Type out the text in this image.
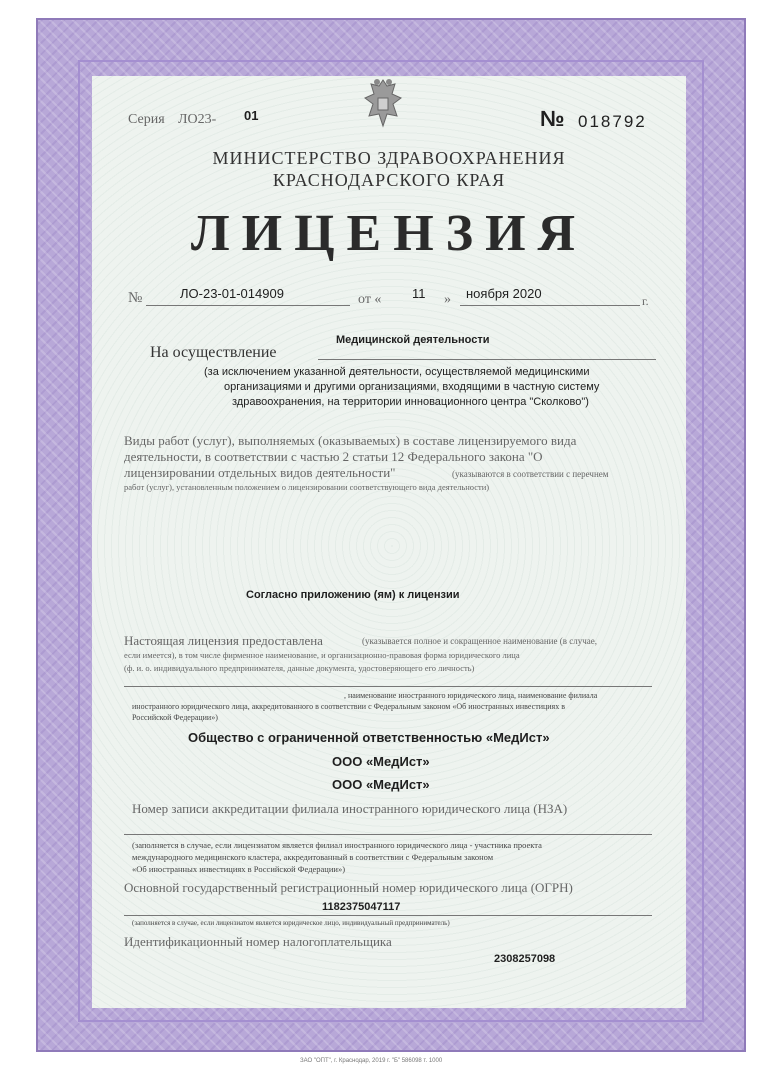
Серия ЛО23- 01	№ 018792
МИНИСТЕРСТВО ЗДРАВООХРАНЕНИЯ
КРАСНОДАРСКОГО КРАЯ
ЛИЦЕНЗИЯ
№	ЛО-23-01-014909	от « 11 » ноября 2020	г.
Медицинской деятельности
На осуществление
(за исключением указанной деятельности, осуществляемой медицинскими
организациями и другими организациями, входящими в частную систему
здравоохранения, на территории инновационного центра "Сколково")
Виды работ (услуг), выполняемых (оказываемых) в составе лицензируемого вида
деятельности, в соответствии с частью 2 статьи 12 Федерального закона "О
лицензировании отдельных видов деятельности"	(указываются в соответствии с перечнем
работ (услуг), установленным положением о лицензировании соответствующего вида деятельности)
Согласно приложению (ям) к лицензии
Настоящая лицензия предоставлена	(указывается полное и сокращенное наименование (в случае,
если имеется), в том числе фирменное наименование, и организационно-правовая форма юридического лица
(ф. и. о. индивидуального предпринимателя, данные документа, удостоверяющего его личность)
, наименование иностранного юридического лица, наименование филиала
иностранного юридического лица, аккредитованного в соответствии с Федеральным законом «Об иностранных инвестициях в
Российской Федерации»)
Общество с ограниченной ответственностью «МедИст»
ООО «МедИст»
ООО «МедИст»
Номер записи аккредитации филиала иностранного юридического лица (НЗА)
(заполняется в случае, если лицензиатом является филиал иностранного юридического лица - участника проекта
международного медицинского кластера, аккредитованный в соответствии с Федеральным законом
«Об иностранных инвестициях в Российской Федерации»)
Основной государственный регистрационный номер юридического лица (ОГРН)
1182375047117
(заполняется в случае, если лицензиатом является юридическое лицо, индивидуальный предприниматель)
Идентификационный номер налогоплательщика
2308257098
ЗАО "ОПТ", г. Краснодар, 2019 г. "Б" 586098 т. 1000
